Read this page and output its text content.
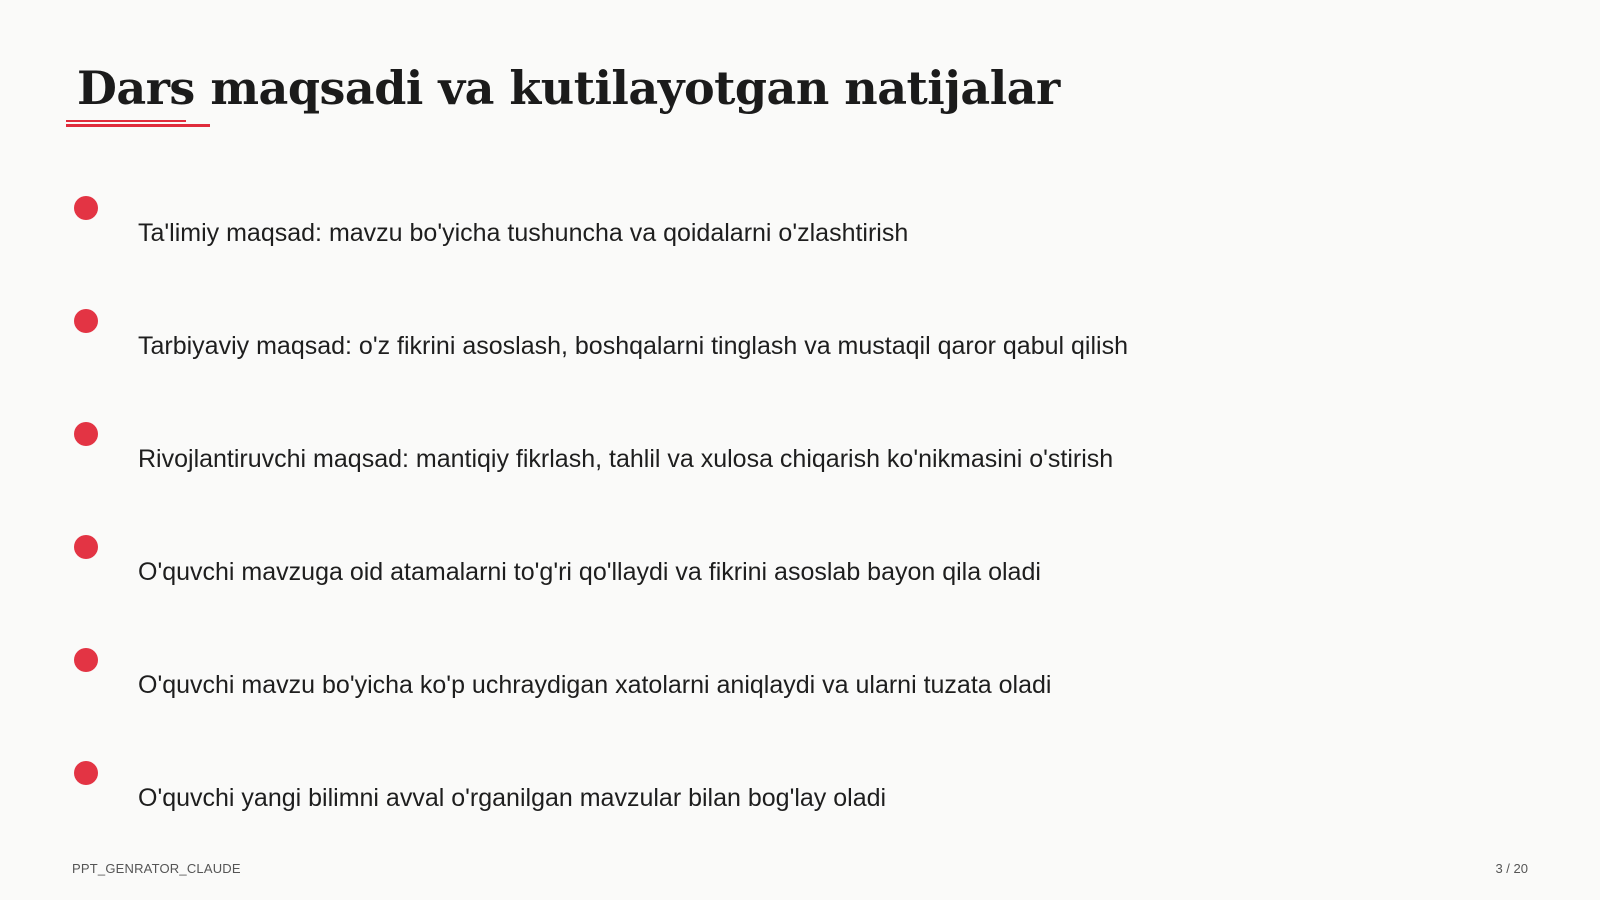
Dars maqsadi va kutilayotgan natijalar
Ta'limiy maqsad: mavzu bo'yicha tushuncha va qoidalarni o'zlashtirish
Tarbiyaviy maqsad: o'z fikrini asoslash, boshqalarni tinglash va mustaqil qaror qabul qilish
Rivojlantiruvchi maqsad: mantiqiy fikrlash, tahlil va xulosa chiqarish ko'nikmasini o'stirish
O'quvchi mavzuga oid atamalarni to'g'ri qo'llaydi va fikrini asoslab bayon qila oladi
O'quvchi mavzu bo'yicha ko'p uchraydigan xatolarni aniqlaydi va ularni tuzata oladi
O'quvchi yangi bilimni avval o'rganilgan mavzular bilan bog'lay oladi
PPT_GENRATOR_CLAUDE	3 / 20
